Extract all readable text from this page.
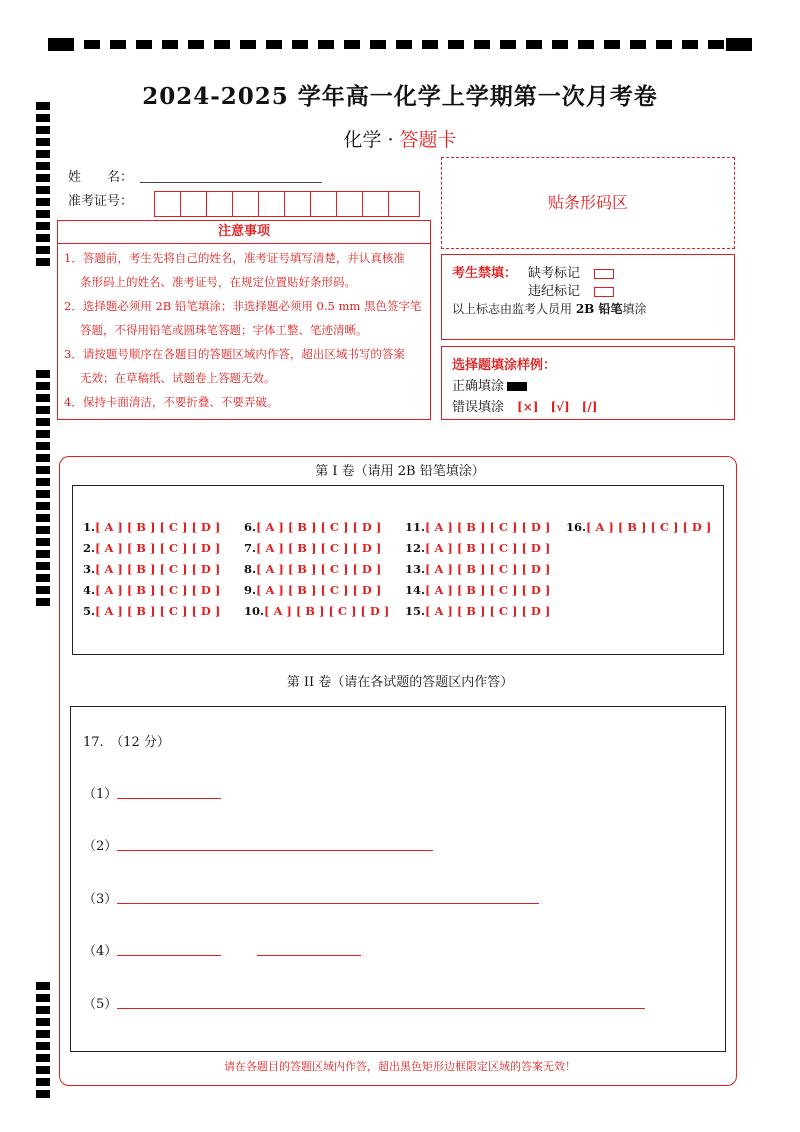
2024-2025 学年高一化学上学期第一次月考卷
化学 · 答题卡
姓　　名：
准考证号：	贴条形码区
注意事项
1．答题前，考生先将自己的姓名，准考证号填写清楚，并认真核准
条形码上的姓名、准考证号，在规定位置贴好条形码。
2．选择题必须用 2B 铅笔填涂；非选择题必须用 0.5 mm 黑色签字笔
答题，不得用铅笔或圆珠笔答题；字体工整、笔迹清晰。
3．请按题号顺序在各题目的答题区域内作答，超出区域书写的答案
无效；在草稿纸、试题卷上答题无效。
4．保持卡面清洁，不要折叠、不要弄破。
考生禁填： 缺考标记
违纪标记
以上标志由监考人员用 2B 铅笔填涂
选择题填涂样例：
正确填涂
错误填涂　 [×]　[√]　[/]
第 I 卷（请用 2B 铅笔填涂）
1.[ A ] [ B ] [ C ] [ D ]
2.[ A ] [ B ] [ C ] [ D ]
3.[ A ] [ B ] [ C ] [ D ]
4.[ A ] [ B ] [ C ] [ D ]
5.[ A ] [ B ] [ C ] [ D ]
6.[ A ] [ B ] [ C ] [ D ]
7.[ A ] [ B ] [ C ] [ D ]
8.[ A ] [ B ] [ C ] [ D ]
9.[ A ] [ B ] [ C ] [ D ]
10.[ A ] [ B ] [ C ] [ D ]
11.[ A ] [ B ] [ C ] [ D ]
12.[ A ] [ B ] [ C ] [ D ]
13.[ A ] [ B ] [ C ] [ D ]
14.[ A ] [ B ] [ C ] [ D ]
15.[ A ] [ B ] [ C ] [ D ]
16.[ A ] [ B ] [ C ] [ D ]
第 II 卷（请在各试题的答题区内作答）
17.　（12 分）
（1）
（2）
（3）
（4）
（5）
请在各题目的答题区域内作答，超出黑色矩形边框限定区域的答案无效！
